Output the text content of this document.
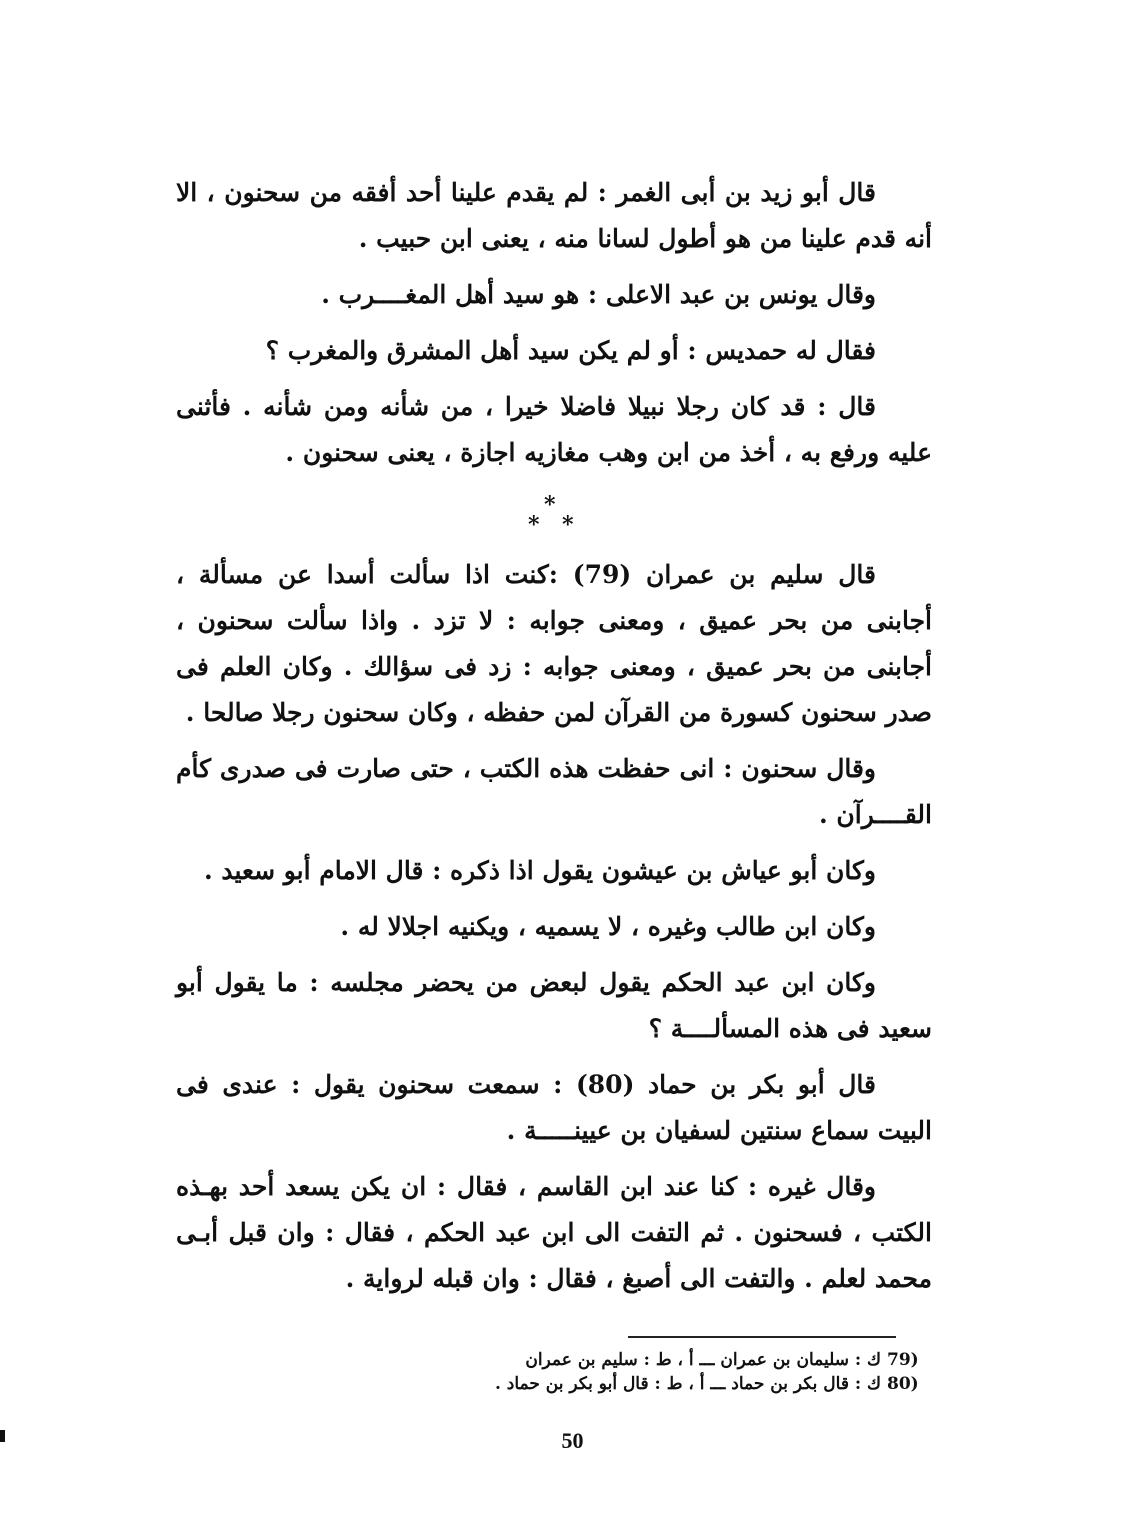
قال أبو زيد بن أبى الغمر : لم يقدم علينا أحد أفقه من سحنون ، الا أنه قدم علينا من هو أطول لسانا منه ، يعنى ابن حبيب .

وقال يونس بن عبد الاعلى : هو سيد أهل المغــــرب .

فقال له حمديس : أو لم يكن سيد أهل المشرق والمغرب ؟

قال : قد كان رجلا نبيلا فاضلا خيرا ، من شأنه ومن شأنه . فأثنى عليه ورفع به ، أخذ من ابن وهب مغازيه اجازة ، يعنى سحنون .

قال سليم بن عمران (79) :كنت اذا سألت أسدا عن مسألة ، أجابنى من بحر عميق ، ومعنى جوابه : لا تزد . واذا سألت سحنون ، أجابنى من بحر عميق ، ومعنى جوابه : زد فى سؤالك . وكان العلم فى صدر سحنون كسورة من القرآن لمن حفظه ، وكان سحنون رجلا صالحا .

وقال سحنون : انى حفظت هذه الكتب ، حتى صارت فى صدرى كأم القــــرآن .

وكان أبو عياش بن عيشون يقول اذا ذكره : قال الامام أبو سعيد .

وكان ابن طالب وغيره ، لا يسميه ، ويكنيه اجلالا له .

وكان ابن عبد الحكم يقول لبعض من يحضر مجلسه : ما يقول أبو سعيد فى هذه المسألــــة ؟

قال أبو بكر بن حماد (80) : سمعت سحنون يقول : عندى فى البيت سماع سنتين لسفيان بن عيينـــــة .

وقال غيره : كنا عند ابن القاسم ، فقال : ان يكن يسعد أحد بهـذه الكتب ، فسحنون . ثم التفت الى ابن عبد الحكم ، فقال : وان قبل أبـى محمد لعلم . والتفت الى أصبغ ، فقال : وان قبله لرواية .

*
* *
79) ك : سليمان بن عمران ـــ أ ، ط : سليم بن عمران
80) ك : قال بكر بن حماد ـــ أ ، ط : قال أبو بكر بن حماد .
50
